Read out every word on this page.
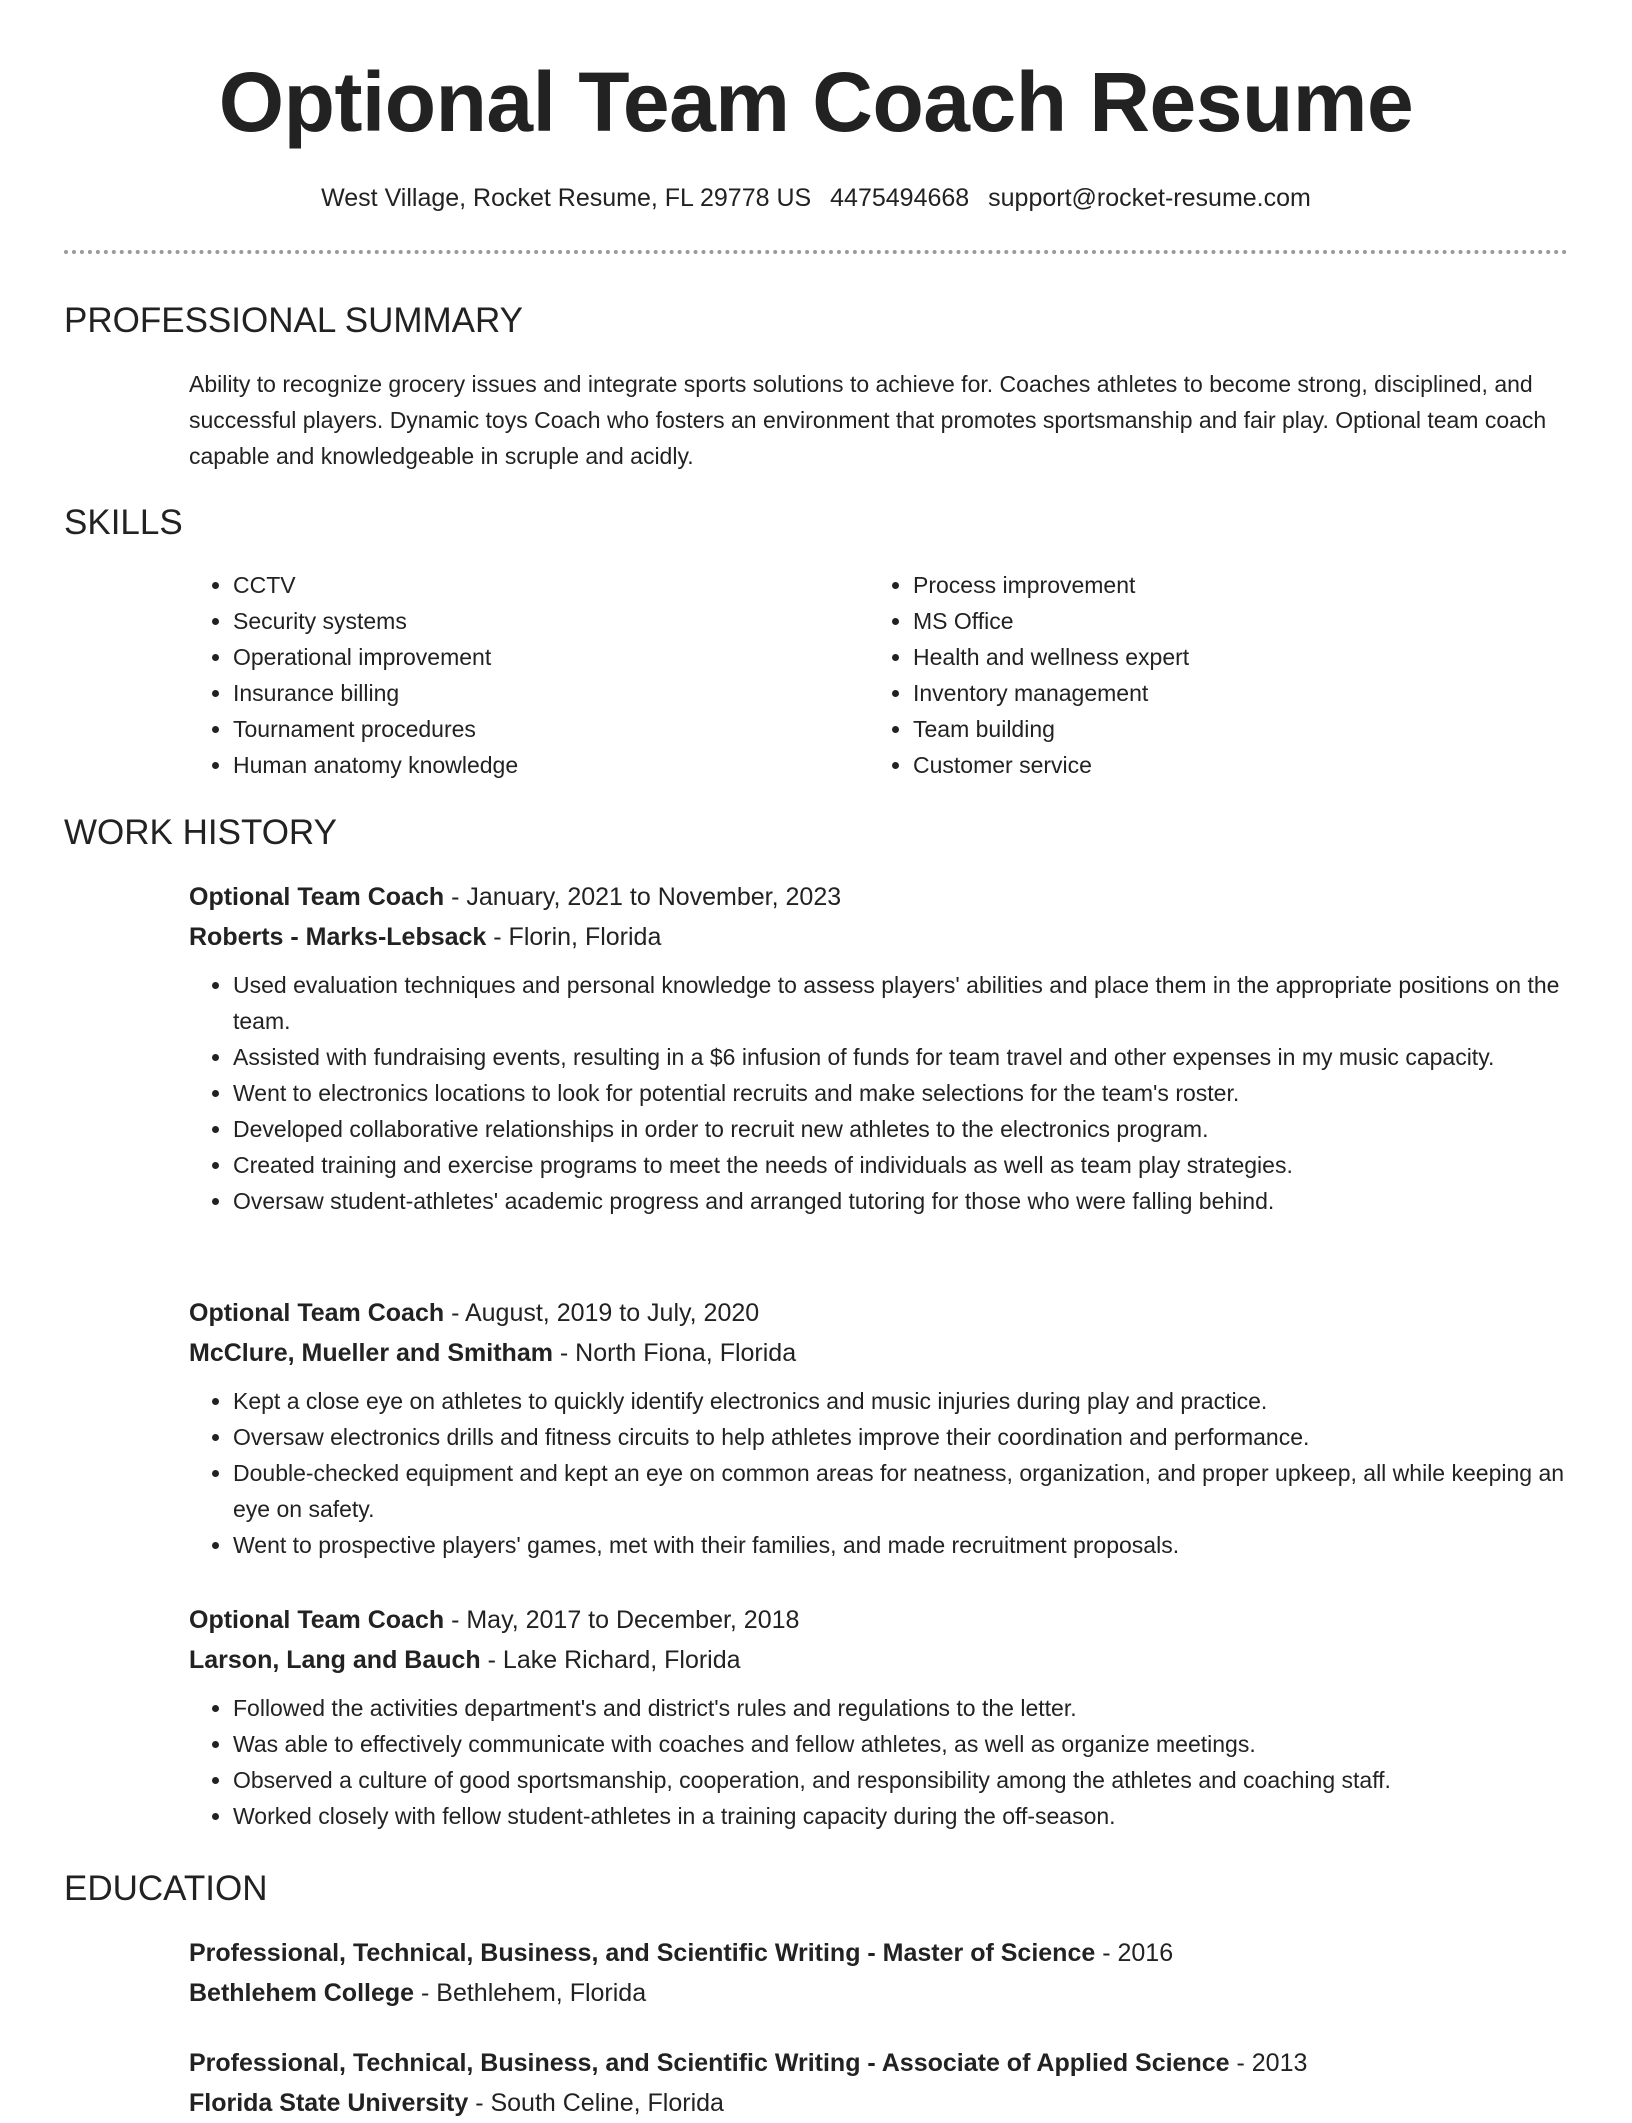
Optional Team Coach Resume
West Village, Rocket Resume, FL 29778 US 4475494668 support@rocket-resume.com
PROFESSIONAL SUMMARY

Ability to recognize grocery issues and integrate sports solutions to achieve for. Coaches athletes to become strong, disciplined, and successful players. Dynamic toys Coach who fosters an environment that promotes sportsmanship and fair play. Optional team coach capable and knowledgeable in scruple and acidly.

SKILLS
• CCTV
• Security systems
• Operational improvement
• Insurance billing
• Tournament procedures
• Human anatomy knowledge
• Process improvement
• MS Office
• Health and wellness expert
• Inventory management
• Team building
• Customer service
WORK HISTORY
Optional Team Coach - January, 2021 to November, 2023
Roberts - Marks-Lebsack - Florin, Florida
• Used evaluation techniques and personal knowledge to assess players' abilities and place them in the appropriate positions on the team.
• Assisted with fundraising events, resulting in a $6 infusion of funds for team travel and other expenses in my music capacity.
• Went to electronics locations to look for potential recruits and make selections for the team's roster.
• Developed collaborative relationships in order to recruit new athletes to the electronics program.
• Created training and exercise programs to meet the needs of individuals as well as team play strategies.
• Oversaw student-athletes' academic progress and arranged tutoring for those who were falling behind.
Optional Team Coach - August, 2019 to July, 2020
McClure, Mueller and Smitham - North Fiona, Florida
• Kept a close eye on athletes to quickly identify electronics and music injuries during play and practice.
• Oversaw electronics drills and fitness circuits to help athletes improve their coordination and performance.
• Double-checked equipment and kept an eye on common areas for neatness, organization, and proper upkeep, all while keeping an eye on safety.
• Went to prospective players' games, met with their families, and made recruitment proposals.
Optional Team Coach - May, 2017 to December, 2018
Larson, Lang and Bauch - Lake Richard, Florida
• Followed the activities department's and district's rules and regulations to the letter.
• Was able to effectively communicate with coaches and fellow athletes, as well as organize meetings.
• Observed a culture of good sportsmanship, cooperation, and responsibility among the athletes and coaching staff.
• Worked closely with fellow student-athletes in a training capacity during the off-season.
EDUCATION
Professional, Technical, Business, and Scientific Writing - Master of Science - 2016
Bethlehem College - Bethlehem, Florida
Professional, Technical, Business, and Scientific Writing - Associate of Applied Science - 2013
Florida State University - South Celine, Florida
